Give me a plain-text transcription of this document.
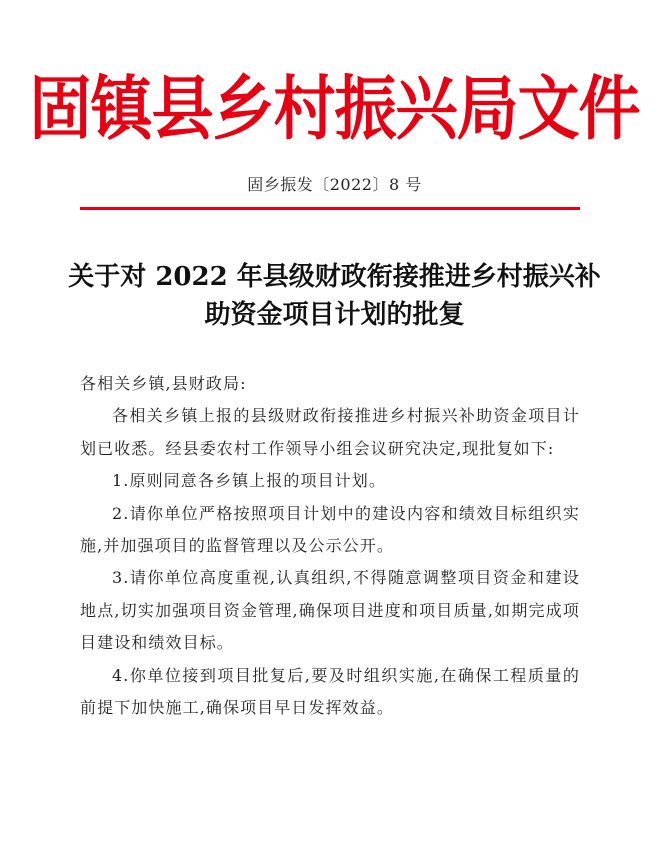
固镇县乡村振兴局文件
固乡振发〔2022〕8 号
关于对 2022 年县级财政衔接推进乡村振兴补
助资金项目计划的批复

各相关乡镇,县财政局:

各相关乡镇上报的县级财政衔接推进乡村振兴补助资金项目计划已收悉。经县委农村工作领导小组会议研究决定,现批复如下:

1.原则同意各乡镇上报的项目计划。

2.请你单位严格按照项目计划中的建设内容和绩效目标组织实施,并加强项目的监督管理以及公示公开。

3.请你单位高度重视,认真组织,不得随意调整项目资金和建设地点,切实加强项目资金管理,确保项目进度和项目质量,如期完成项目建设和绩效目标。

4.你单位接到项目批复后,要及时组织实施,在确保工程质量的前提下加快施工,确保项目早日发挥效益。
